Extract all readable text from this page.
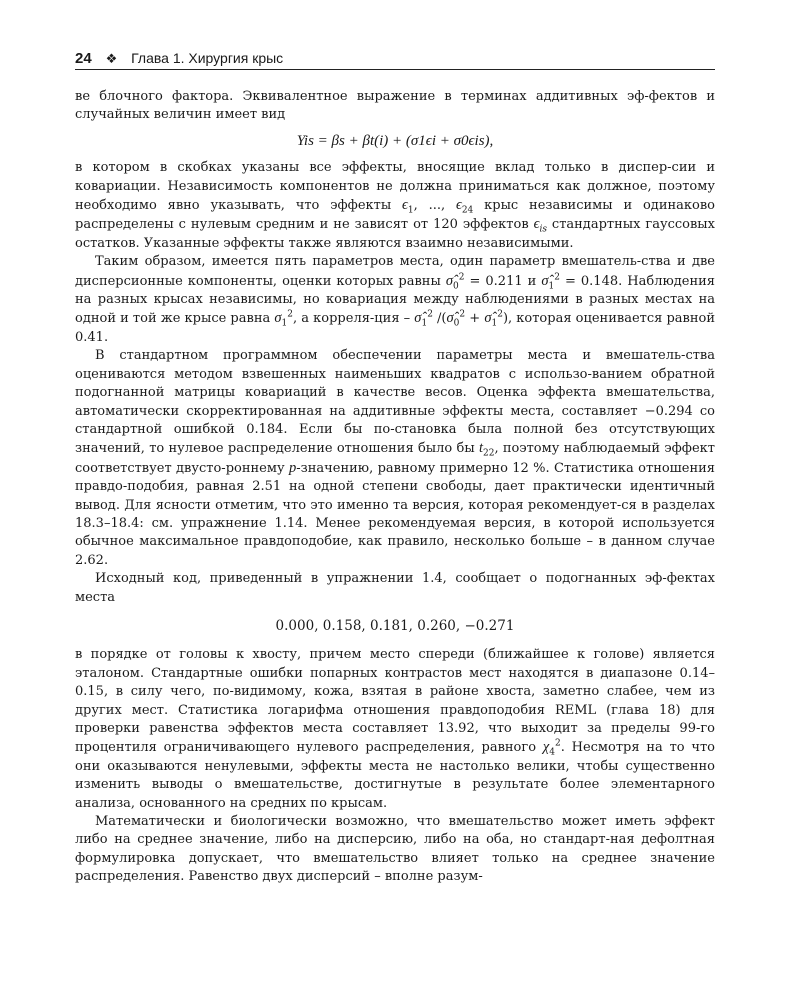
24 ❖ Глава 1. Хирургия крыс

ве блочного фактора. Эквивалентное выражение в терминах аддитивных эф-фектов и случайных величин имеет вид

Yis = βs + βt(i) + (σ1ϵi + σ0ϵis),

в котором в скобках указаны все эффекты, вносящие вклад только в диспер-сии и ковариации. Независимость компонентов не должна приниматься как должное, поэтому необходимо явно указывать, что эффекты $\epsilon_1$, ..., $\epsilon_{24}$ крыс независимы и одинаково распределены с нулевым средним и не зависят от 120 эффектов $\epsilon_{is}$ стандартных гауссовых остатков. Указанные эффекты также являются взаимно независимыми.

Таким образом, имеется пять параметров места, один параметр вмешатель-ства и две дисперсионные компоненты, оценки которых равны $\sigmâ_0^2 = 0.211$ и $\sigmâ_1^2 = 0.148$. Наблюдения на разных крысах независимы, но ковариация между наблюдениями в разных местах на одной и той же крысе равна $\sigma_1^2$, а корреля-ция – $\sigmâ_1^2$ $/(\sigmâ_0^2$ + $\sigmâ_1^2$), которая оценивается равной 0.41.

В стандартном программном обеспечении параметры места и вмешатель-ства оцениваются методом взвешенных наименьших квадратов с использо-ванием обратной подогнанной матрицы ковариаций в качестве весов. Оценка эффекта вмешательства, автоматически скорректированная на аддитивные эффекты места, составляет −0.294 со стандартной ошибкой 0.184. Если бы по-становка была полной без отсутствующих значений, то нулевое распределение отношения было бы $t_{22}$, поэтому наблюдаемый эффект соответствует двусто-роннему p-значению, равному примерно 12 %. Статистика отношения правдо-подобия, равная 2.51 на одной степени свободы, дает практически идентичный вывод. Для ясности отметим, что это именно та версия, которая рекомендует-ся в разделах 18.3–18.4: см. упражнение 1.14. Менее рекомендуемая версия, в которой используется обычное максимальное правдоподобие, как правило, несколько больше – в данном случае 2.62.

Исходный код, приведенный в упражнении 1.4, сообщает о подогнанных эф-фектах места

0.000, 0.158, 0.181, 0.260, −0.271

в порядке от головы к хвосту, причем место спереди (ближайшее к голове) является эталоном. Стандартные ошибки попарных контрастов мест находятся в диапазоне 0.14–0.15, в силу чего, по-видимому, кожа, взятая в районе хвоста, заметно слабее, чем из других мест. Статистика логарифма отношения правдоподобия REML (глава 18) для проверки равенства эффектов места составляет 13.92, что выходит за пределы 99-го процентиля ограничивающего нулевого распределения, равного $\chi_4^2$. Несмотря на то что они оказываются ненулевыми, эффекты места не настолько велики, чтобы существенно изменить выводы о вмешательстве, достигнутые в результате более элементарного анализа, основанного на средних по крысам.

Математически и биологически возможно, что вмешательство может иметь эффект либо на среднее значение, либо на дисперсию, либо на оба, но стандарт-ная дефолтная формулировка допускает, что вмешательство влияет только на среднее значение распределения. Равенство двух дисперсий – вполне разум-
